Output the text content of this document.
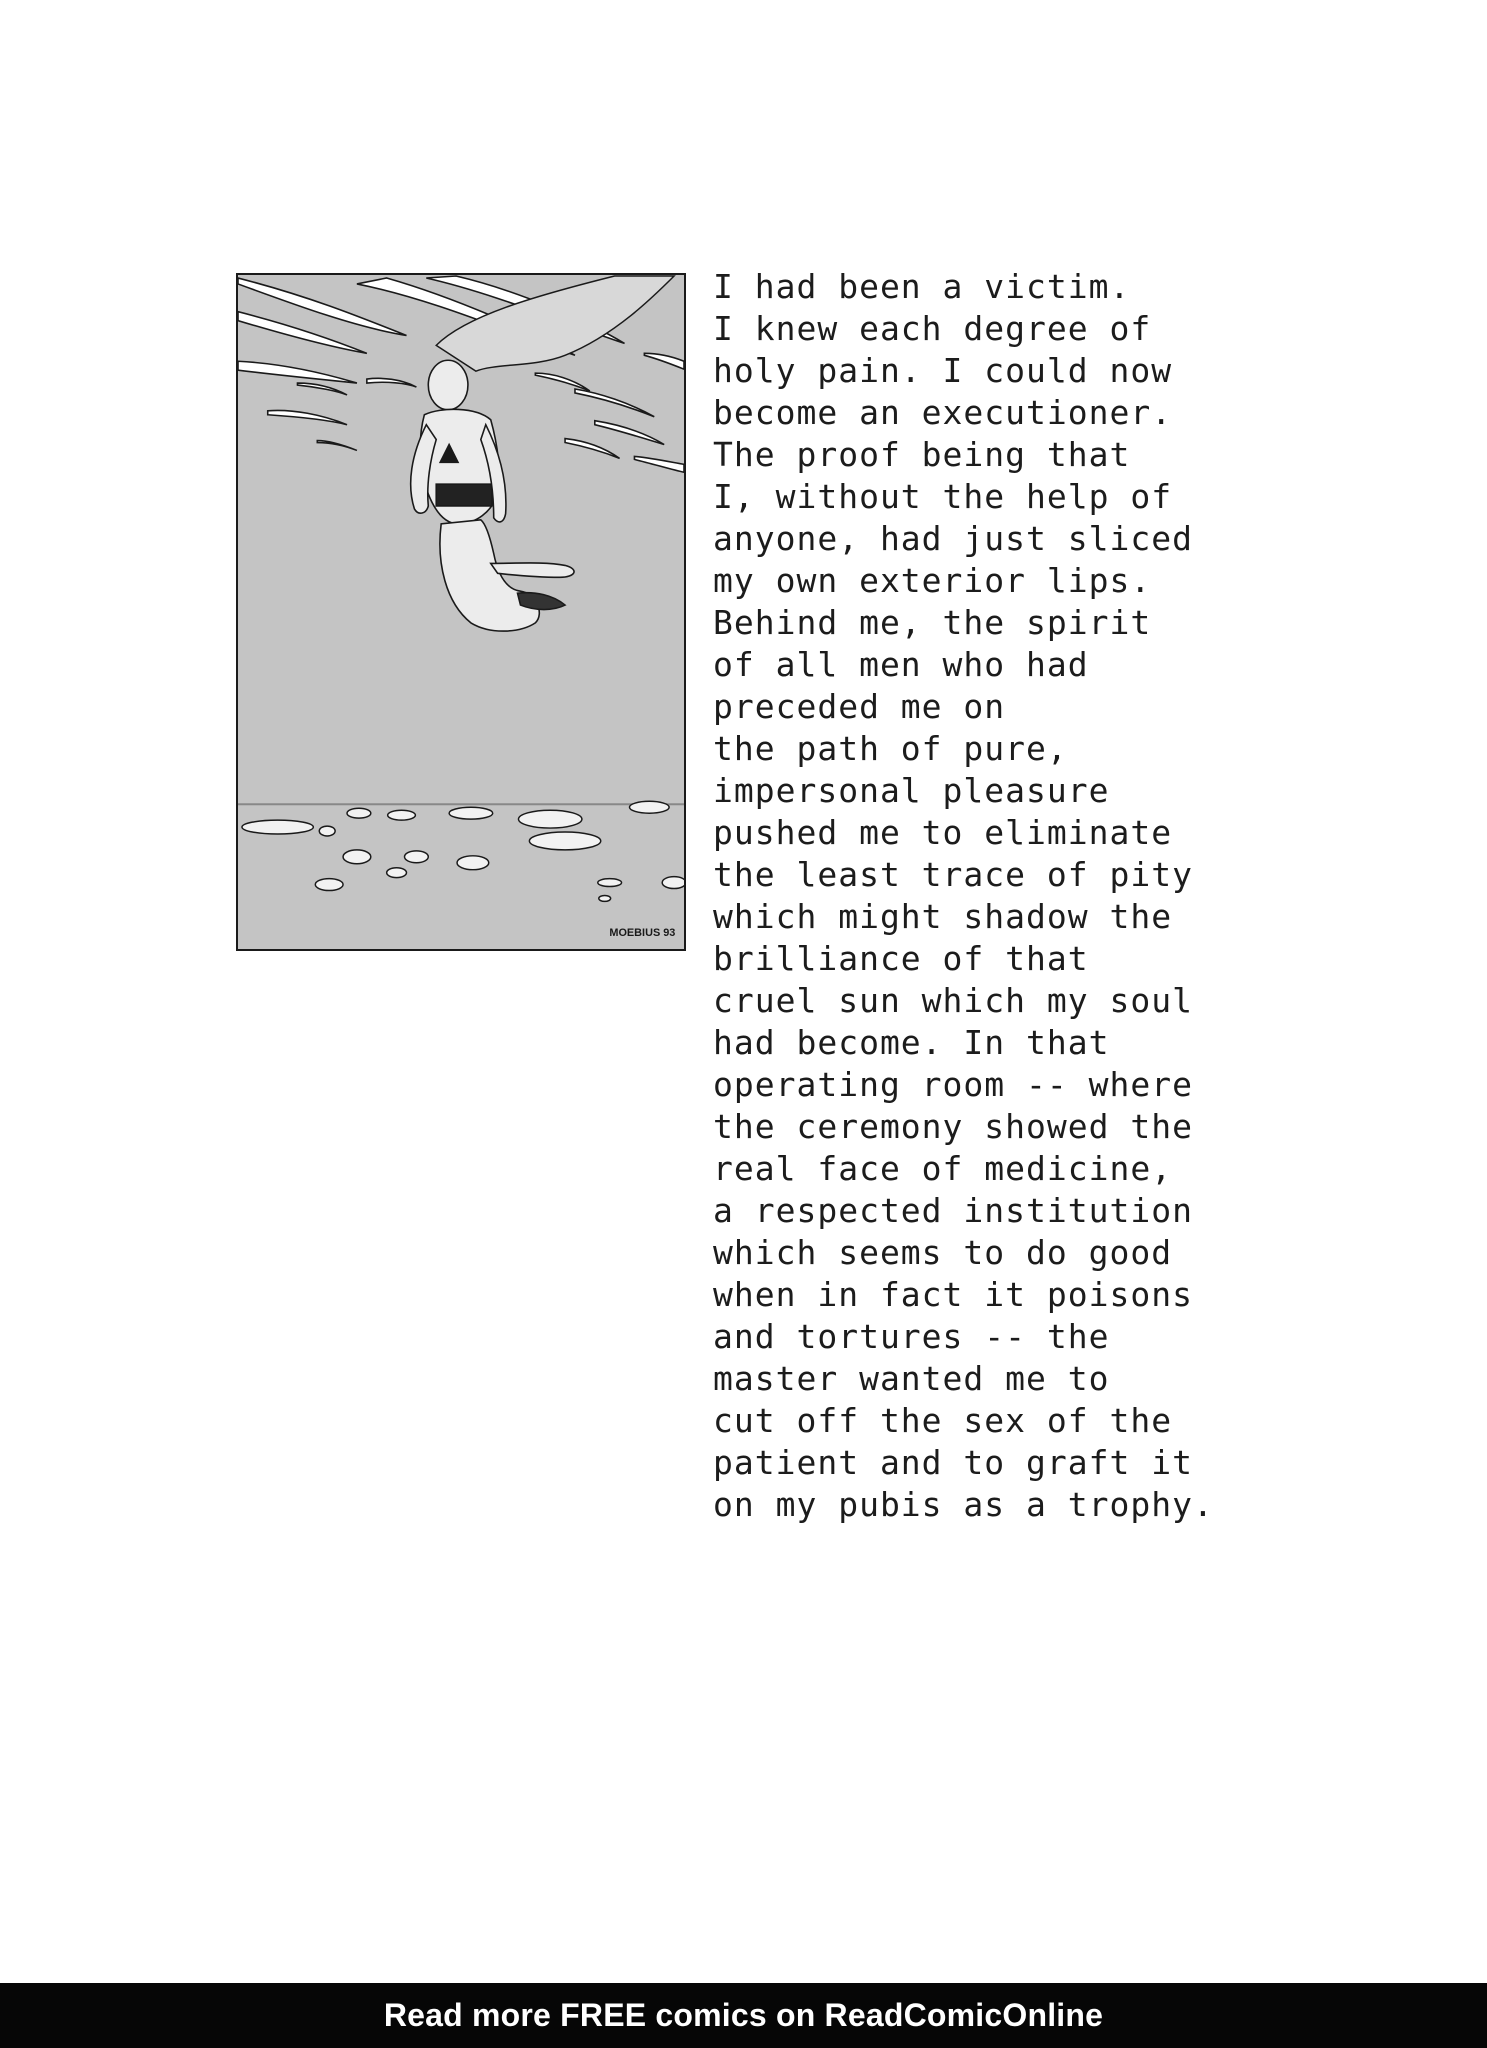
MOEBIUS 93
I had been a victim.
I knew each degree of
holy pain. I could now
become an executioner.
The proof being that
I, without the help of
anyone, had just sliced
my own exterior lips.
Behind me, the spirit
of all men who had
preceded me on
the path of pure,
impersonal pleasure
pushed me to eliminate
the least trace of pity
which might shadow the
brilliance of that
cruel sun which my soul
had become. In that
operating room -- where
the ceremony showed the
real face of medicine,
a respected institution
which seems to do good
when in fact it poisons
and tortures -- the
master wanted me to
cut off the sex of the
patient and to graft it
on my pubis as a trophy.
Read more FREE comics on ReadComicOnline
